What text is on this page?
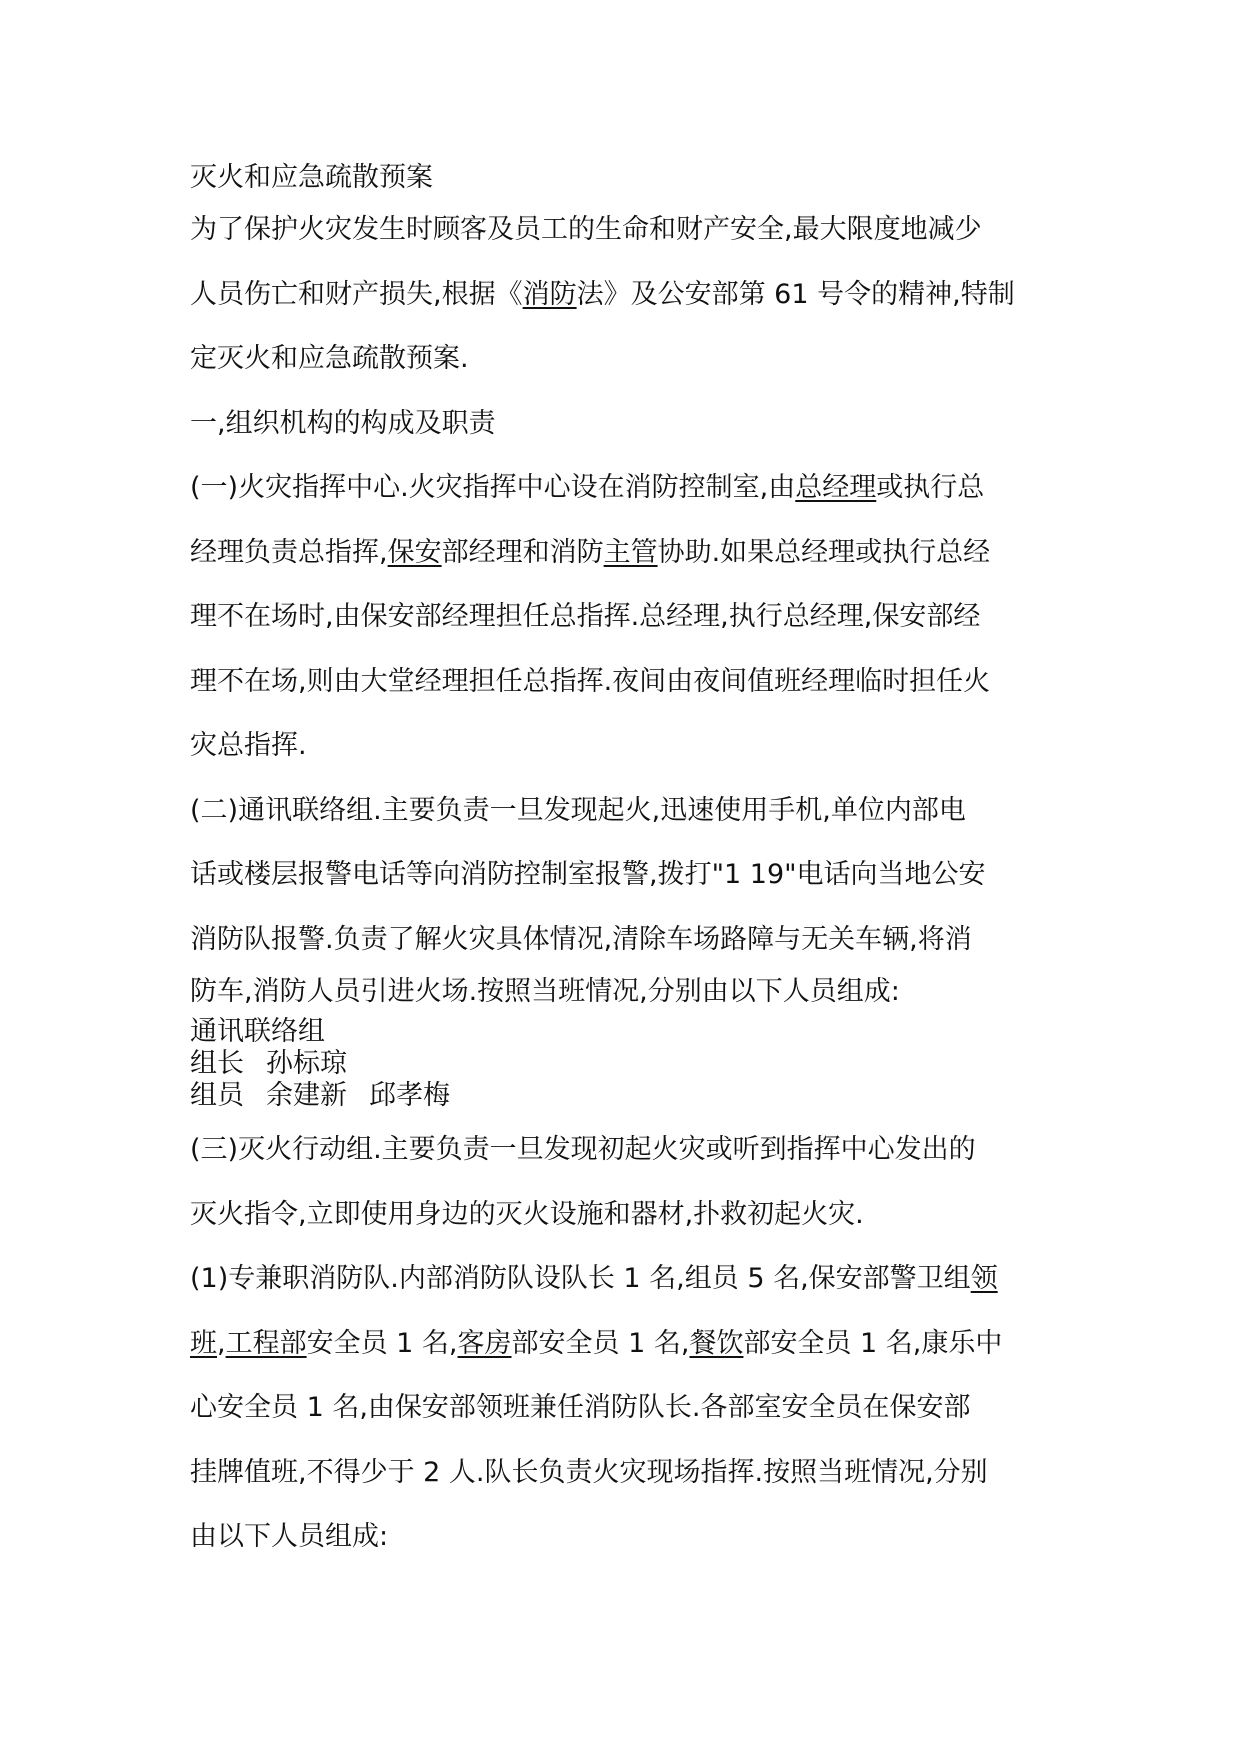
灭火和应急疏散预案
为了保护火灾发生时顾客及员工的生命和财产安全,最大限度地减少
人员伤亡和财产损失,根据《消防法》及公安部第 61 号令的精神,特制
定灭火和应急疏散预案.
一,组织机构的构成及职责
(一)火灾指挥中心.火灾指挥中心设在消防控制室,由总经理或执行总
经理负责总指挥,保安部经理和消防主管协助.如果总经理或执行总经
理不在场时,由保安部经理担任总指挥.总经理,执行总经理,保安部经
理不在场,则由大堂经理担任总指挥.夜间由夜间值班经理临时担任火
灾总指挥.
(二)通讯联络组.主要负责一旦发现起火,迅速使用手机,单位内部电
话或楼层报警电话等向消防控制室报警,拨打"1 19"电话向当地公安
消防队报警.负责了解火灾具体情况,清除车场路障与无关车辆,将消
防车,消防人员引进火场.按照当班情况,分别由以下人员组成:
通讯联络组
组长 孙标琼
组员 余建新 邱孝梅
(三)灭火行动组.主要负责一旦发现初起火灾或听到指挥中心发出的
灭火指令,立即使用身边的灭火设施和器材,扑救初起火灾.
(1)专兼职消防队.内部消防队设队长 1 名,组员 5 名,保安部警卫组领
班,工程部安全员 1 名,客房部安全员 1 名,餐饮部安全员 1 名,康乐中
心安全员 1 名,由保安部领班兼任消防队长.各部室安全员在保安部
挂牌值班,不得少于 2 人.队长负责火灾现场指挥.按照当班情况,分别
由以下人员组成:
